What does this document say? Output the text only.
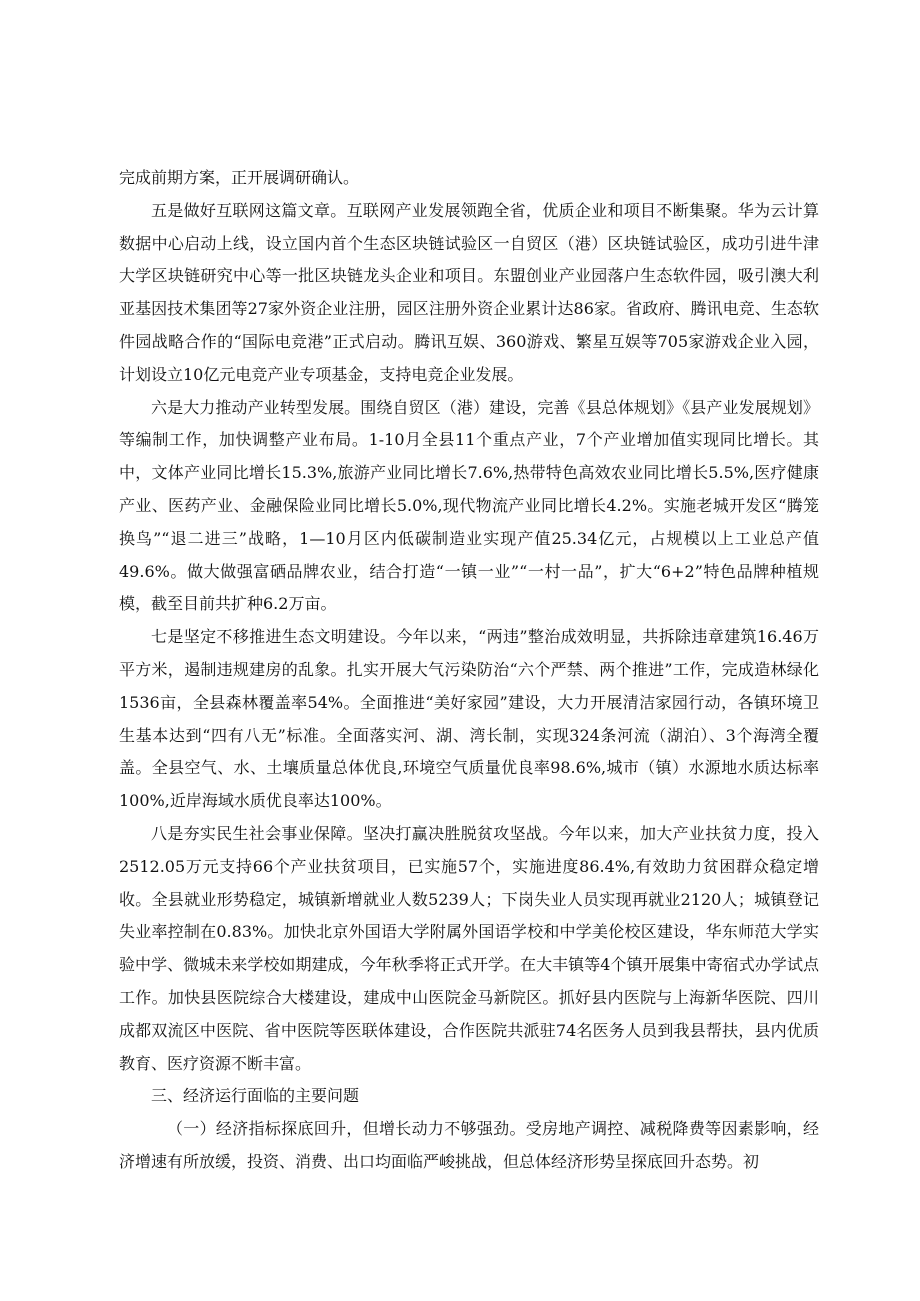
完成前期方案，正开展调研确认。

五是做好互联网这篇文章。互联网产业发展领跑全省，优质企业和项目不断集聚。华为云计算数据中心启动上线，设立国内首个生态区块链试验区一自贸区（港）区块链试验区，成功引进牛津大学区块链研究中心等一批区块链龙头企业和项目。东盟创业产业园落户生态软件园，吸引澳大利亚基因技术集团等27家外资企业注册，园区注册外资企业累计达86家。省政府、腾讯电竞、生态软件园战略合作的“国际电竞港”正式启动。腾讯互娱、360游戏、繁星互娱等705家游戏企业入园，计划设立10亿元电竞产业专项基金，支持电竞企业发展。

六是大力推动产业转型发展。围绕自贸区（港）建设，完善《县总体规划》《县产业发展规划》等编制工作，加快调整产业布局。1-10月全县11个重点产业，7个产业增加值实现同比增长。其中，文体产业同比增长15.3%,旅游产业同比增长7.6%,热带特色高效农业同比增长5.5%,医疗健康产业、医药产业、金融保险业同比增长5.0%,现代物流产业同比增长4.2%。实施老城开发区“腾笼换鸟”“退二进三”战略，1—10月区内低碳制造业实现产值25.34亿元，占规模以上工业总产值49.6%。做大做强富硒品牌农业，结合打造“一镇一业”“一村一品”，扩大“6+2”特色品牌种植规模，截至目前共扩种6.2万亩。

七是坚定不移推进生态文明建设。今年以来，“两违”整治成效明显，共拆除违章建筑16.46万平方米，遏制违规建房的乱象。扎实开展大气污染防治“六个严禁、两个推进”工作，完成造林绿化1536亩，全县森林覆盖率54%。全面推进“美好家园”建设，大力开展清洁家园行动，各镇环境卫生基本达到“四有八无”标准。全面落实河、湖、湾长制，实现324条河流（湖泊）、3个海湾全覆盖。全县空气、水、土壤质量总体优良,环境空气质量优良率98.6%,城市（镇）水源地水质达标率100%,近岸海域水质优良率达100%。

八是夯实民生社会事业保障。坚决打赢决胜脱贫攻坚战。今年以来，加大产业扶贫力度，投入2512.05万元支持66个产业扶贫项目，已实施57个，实施进度86.4%,有效助力贫困群众稳定增收。全县就业形势稳定，城镇新增就业人数5239人；下岗失业人员实现再就业2120人；城镇登记失业率控制在0.83%。加快北京外国语大学附属外国语学校和中学美伦校区建设，华东师范大学实验中学、微城未来学校如期建成，今年秋季将正式开学。在大丰镇等4个镇开展集中寄宿式办学试点工作。加快县医院综合大楼建设，建成中山医院金马新院区。抓好县内医院与上海新华医院、四川成都双流区中医院、省中医院等医联体建设，合作医院共派驻74名医务人员到我县帮扶，县内优质教育、医疗资源不断丰富。

三、经济运行面临的主要问题

（一）经济指标探底回升，但增长动力不够强劲。受房地产调控、减税降费等因素影响，经济增速有所放缓，投资、消费、出口均面临严峻挑战，但总体经济形势呈探底回升态势。初
